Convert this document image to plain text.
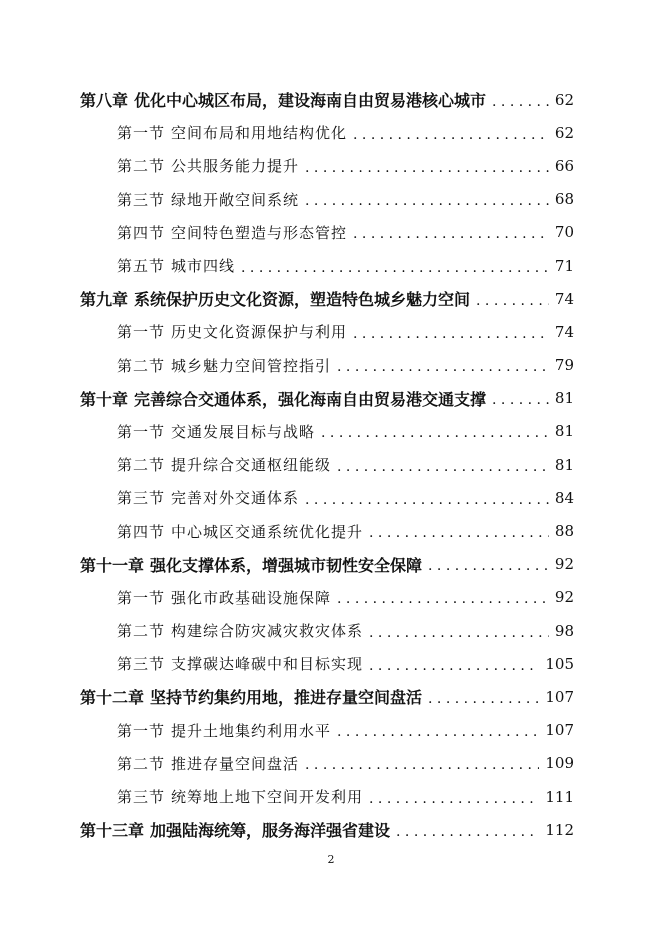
第八章 优化中心城区布局，建设海南自由贸易港核心城市 . . .	62
第一节 空间布局和用地结构优化 . . .	62
第二节 公共服务能力提升 . . .	66
第三节 绿地开敞空间系统 . . .	68
第四节 空间特色塑造与形态管控 . . .	70
第五节 城市四线 . . .	71
第九章 系统保护历史文化资源，塑造特色城乡魅力空间 . . .	74
第一节 历史文化资源保护与利用 . . .	74
第二节 城乡魅力空间管控指引 . . .	79
第十章 完善综合交通体系，强化海南自由贸易港交通支撑 . . .	81
第一节 交通发展目标与战略 . . .	81
第二节 提升综合交通枢纽能级 . . .	81
第三节 完善对外交通体系 . . .	84
第四节 中心城区交通系统优化提升 . . .	88
第十一章 强化支撑体系，增强城市韧性安全保障 . . .	92
第一节 强化市政基础设施保障 . . .	92
第二节 构建综合防灾减灾救灾体系 . . .	98
第三节 支撑碳达峰碳中和目标实现 . . .	105
第十二章 坚持节约集约用地，推进存量空间盘活 . . .	107
第一节 提升土地集约利用水平 . . .	107
第二节 推进存量空间盘活 . . .	109
第三节 统筹地上地下空间开发利用 . . .	111
第十三章 加强陆海统筹，服务海洋强省建设 . . .	112
2
